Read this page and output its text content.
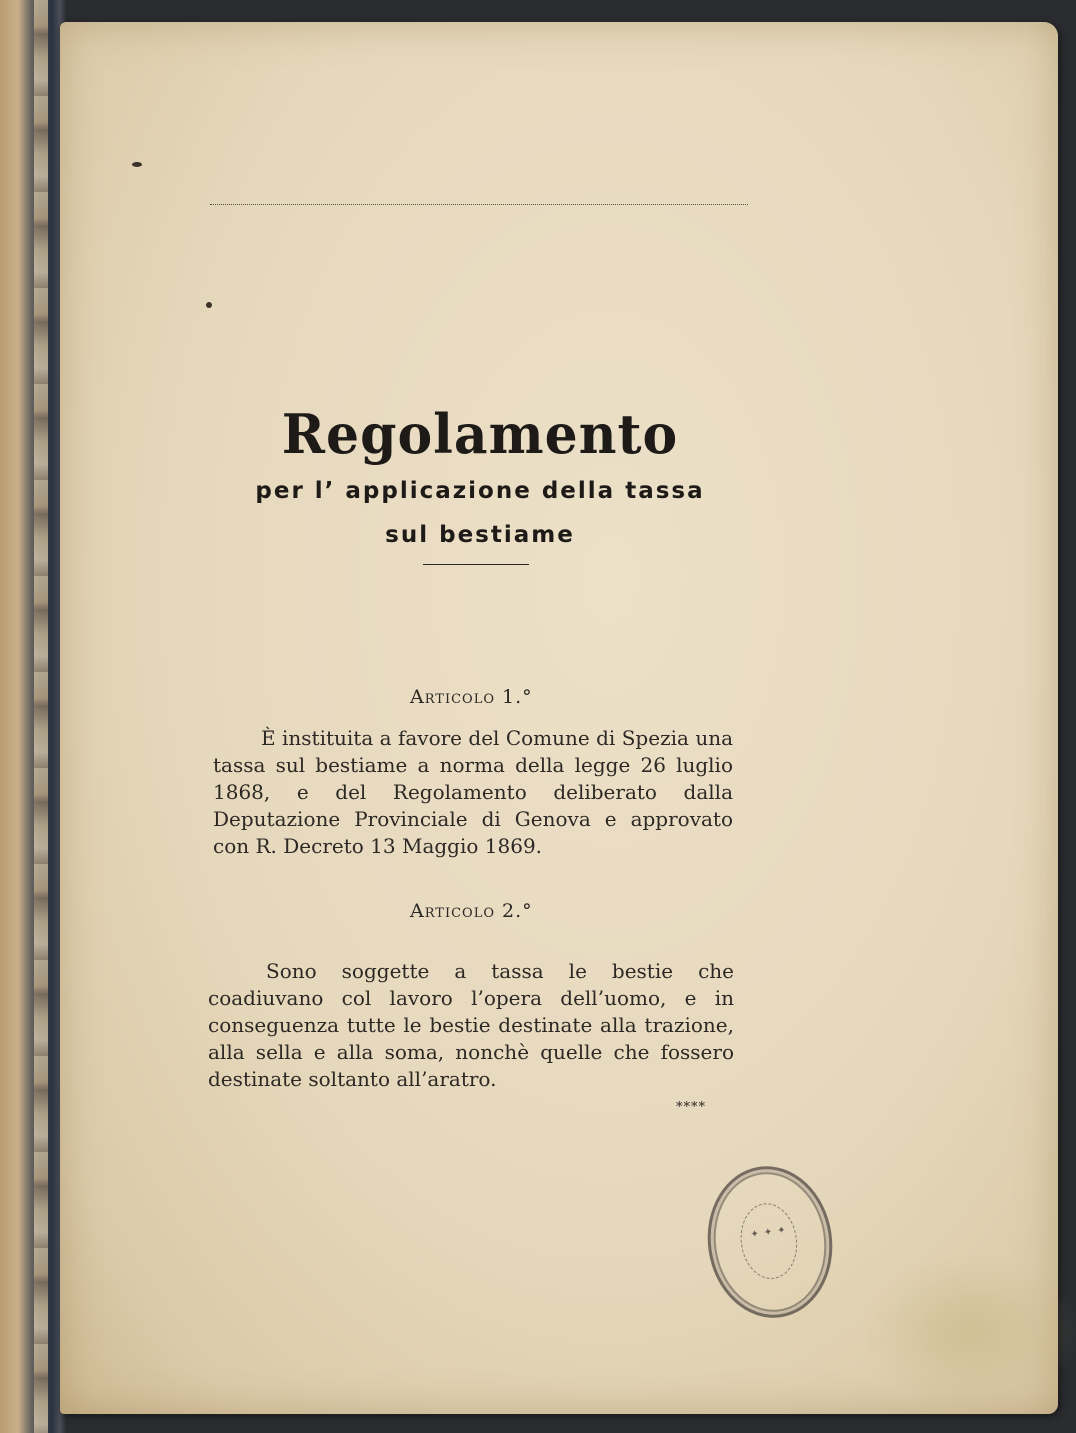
Regolamento
per l’ applicazione della tassa
sul bestiame
Articolo 1.°

È instituita a favore del Comune di Spezia una tassa sul bestiame a norma della legge 26 luglio 1868, e del Regolamento deliberato dalla Deputazione Provinciale di Genova e approvato con R. Decreto 13 Maggio 1869.

Articolo 2.°

Sono soggette a tassa le bestie che coadiuvano col lavoro l’opera dell’uomo, e in conseguenza tutte le bestie destinate alla trazione, alla sella e alla soma, nonchè quelle che fossero destinate soltanto all’aratro.

****
✦ ✦ ✦
